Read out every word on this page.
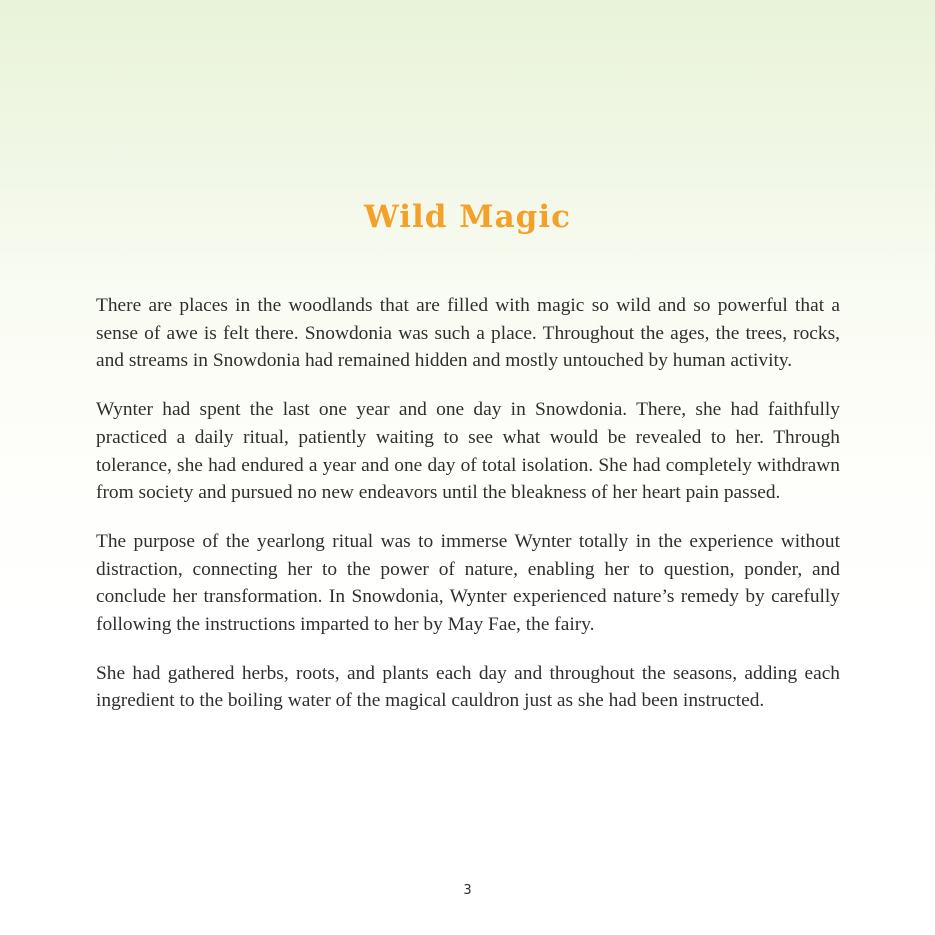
Wild Magic

There are places in the woodlands that are filled with magic so wild and so powerful that a sense of awe is felt there. Snowdonia was such a place. Throughout the ages, the trees, rocks, and streams in Snowdonia had remained hidden and mostly untouched by human activity.

Wynter had spent the last one year and one day in Snowdonia. There, she had faithfully practiced a daily ritual, patiently waiting to see what would be revealed to her. Through tolerance, she had endured a year and one day of total isolation. She had completely withdrawn from society and pursued no new endeavors until the bleakness of her heart pain passed.

The purpose of the yearlong ritual was to immerse Wynter totally in the experience without distraction, connecting her to the power of nature, enabling her to question, ponder, and conclude her transformation. In Snowdonia, Wynter experienced nature’s remedy by carefully following the instructions imparted to her by May Fae, the fairy.

She had gathered herbs, roots, and plants each day and throughout the seasons, adding each ingredient to the boiling water of the magical cauldron just as she had been instructed.

3
